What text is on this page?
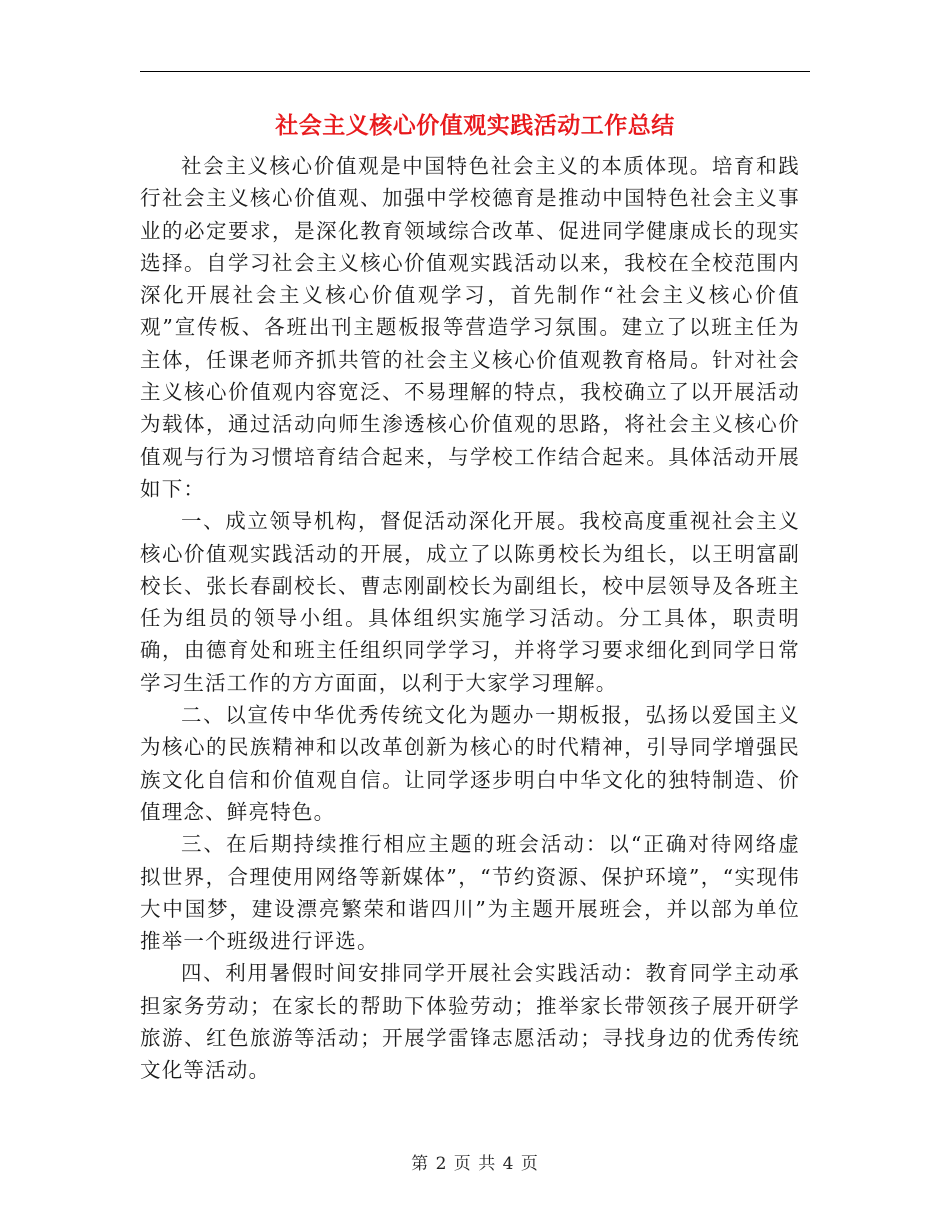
社会主义核心价值观实践活动工作总结

社会主义核心价值观是中国特色社会主义的本质体现。培育和践行社会主义核心价值观、加强中学校德育是推动中国特色社会主义事业的必定要求，是深化教育领域综合改革、促进同学健康成长的现实选择。自学习社会主义核心价值观实践活动以来，我校在全校范围内深化开展社会主义核心价值观学习，首先制作“社会主义核心价值观”宣传板、各班出刊主题板报等营造学习氛围。建立了以班主任为主体，任课老师齐抓共管的社会主义核心价值观教育格局。针对社会主义核心价值观内容宽泛、不易理解的特点，我校确立了以开展活动为载体，通过活动向师生渗透核心价值观的思路，将社会主义核心价值观与行为习惯培育结合起来，与学校工作结合起来。具体活动开展如下：

一、成立领导机构，督促活动深化开展。我校高度重视社会主义核心价值观实践活动的开展，成立了以陈勇校长为组长，以王明富副校长、张长春副校长、曹志刚副校长为副组长，校中层领导及各班主任为组员的领导小组。具体组织实施学习活动。分工具体，职责明确，由德育处和班主任组织同学学习，并将学习要求细化到同学日常学习生活工作的方方面面，以利于大家学习理解。

二、以宣传中华优秀传统文化为题办一期板报，弘扬以爱国主义为核心的民族精神和以改革创新为核心的时代精神，引导同学增强民族文化自信和价值观自信。让同学逐步明白中华文化的独特制造、价值理念、鲜亮特色。

三、在后期持续推行相应主题的班会活动：以“正确对待网络虚拟世界，合理使用网络等新媒体”，“节约资源、保护环境”，“实现伟大中国梦，建设漂亮繁荣和谐四川”为主题开展班会，并以部为单位推举一个班级进行评选。

四、利用暑假时间安排同学开展社会实践活动：教育同学主动承担家务劳动；在家长的帮助下体验劳动；推举家长带领孩子展开研学旅游、红色旅游等活动；开展学雷锋志愿活动；寻找身边的优秀传统文化等活动。

第 2 页 共 4 页
